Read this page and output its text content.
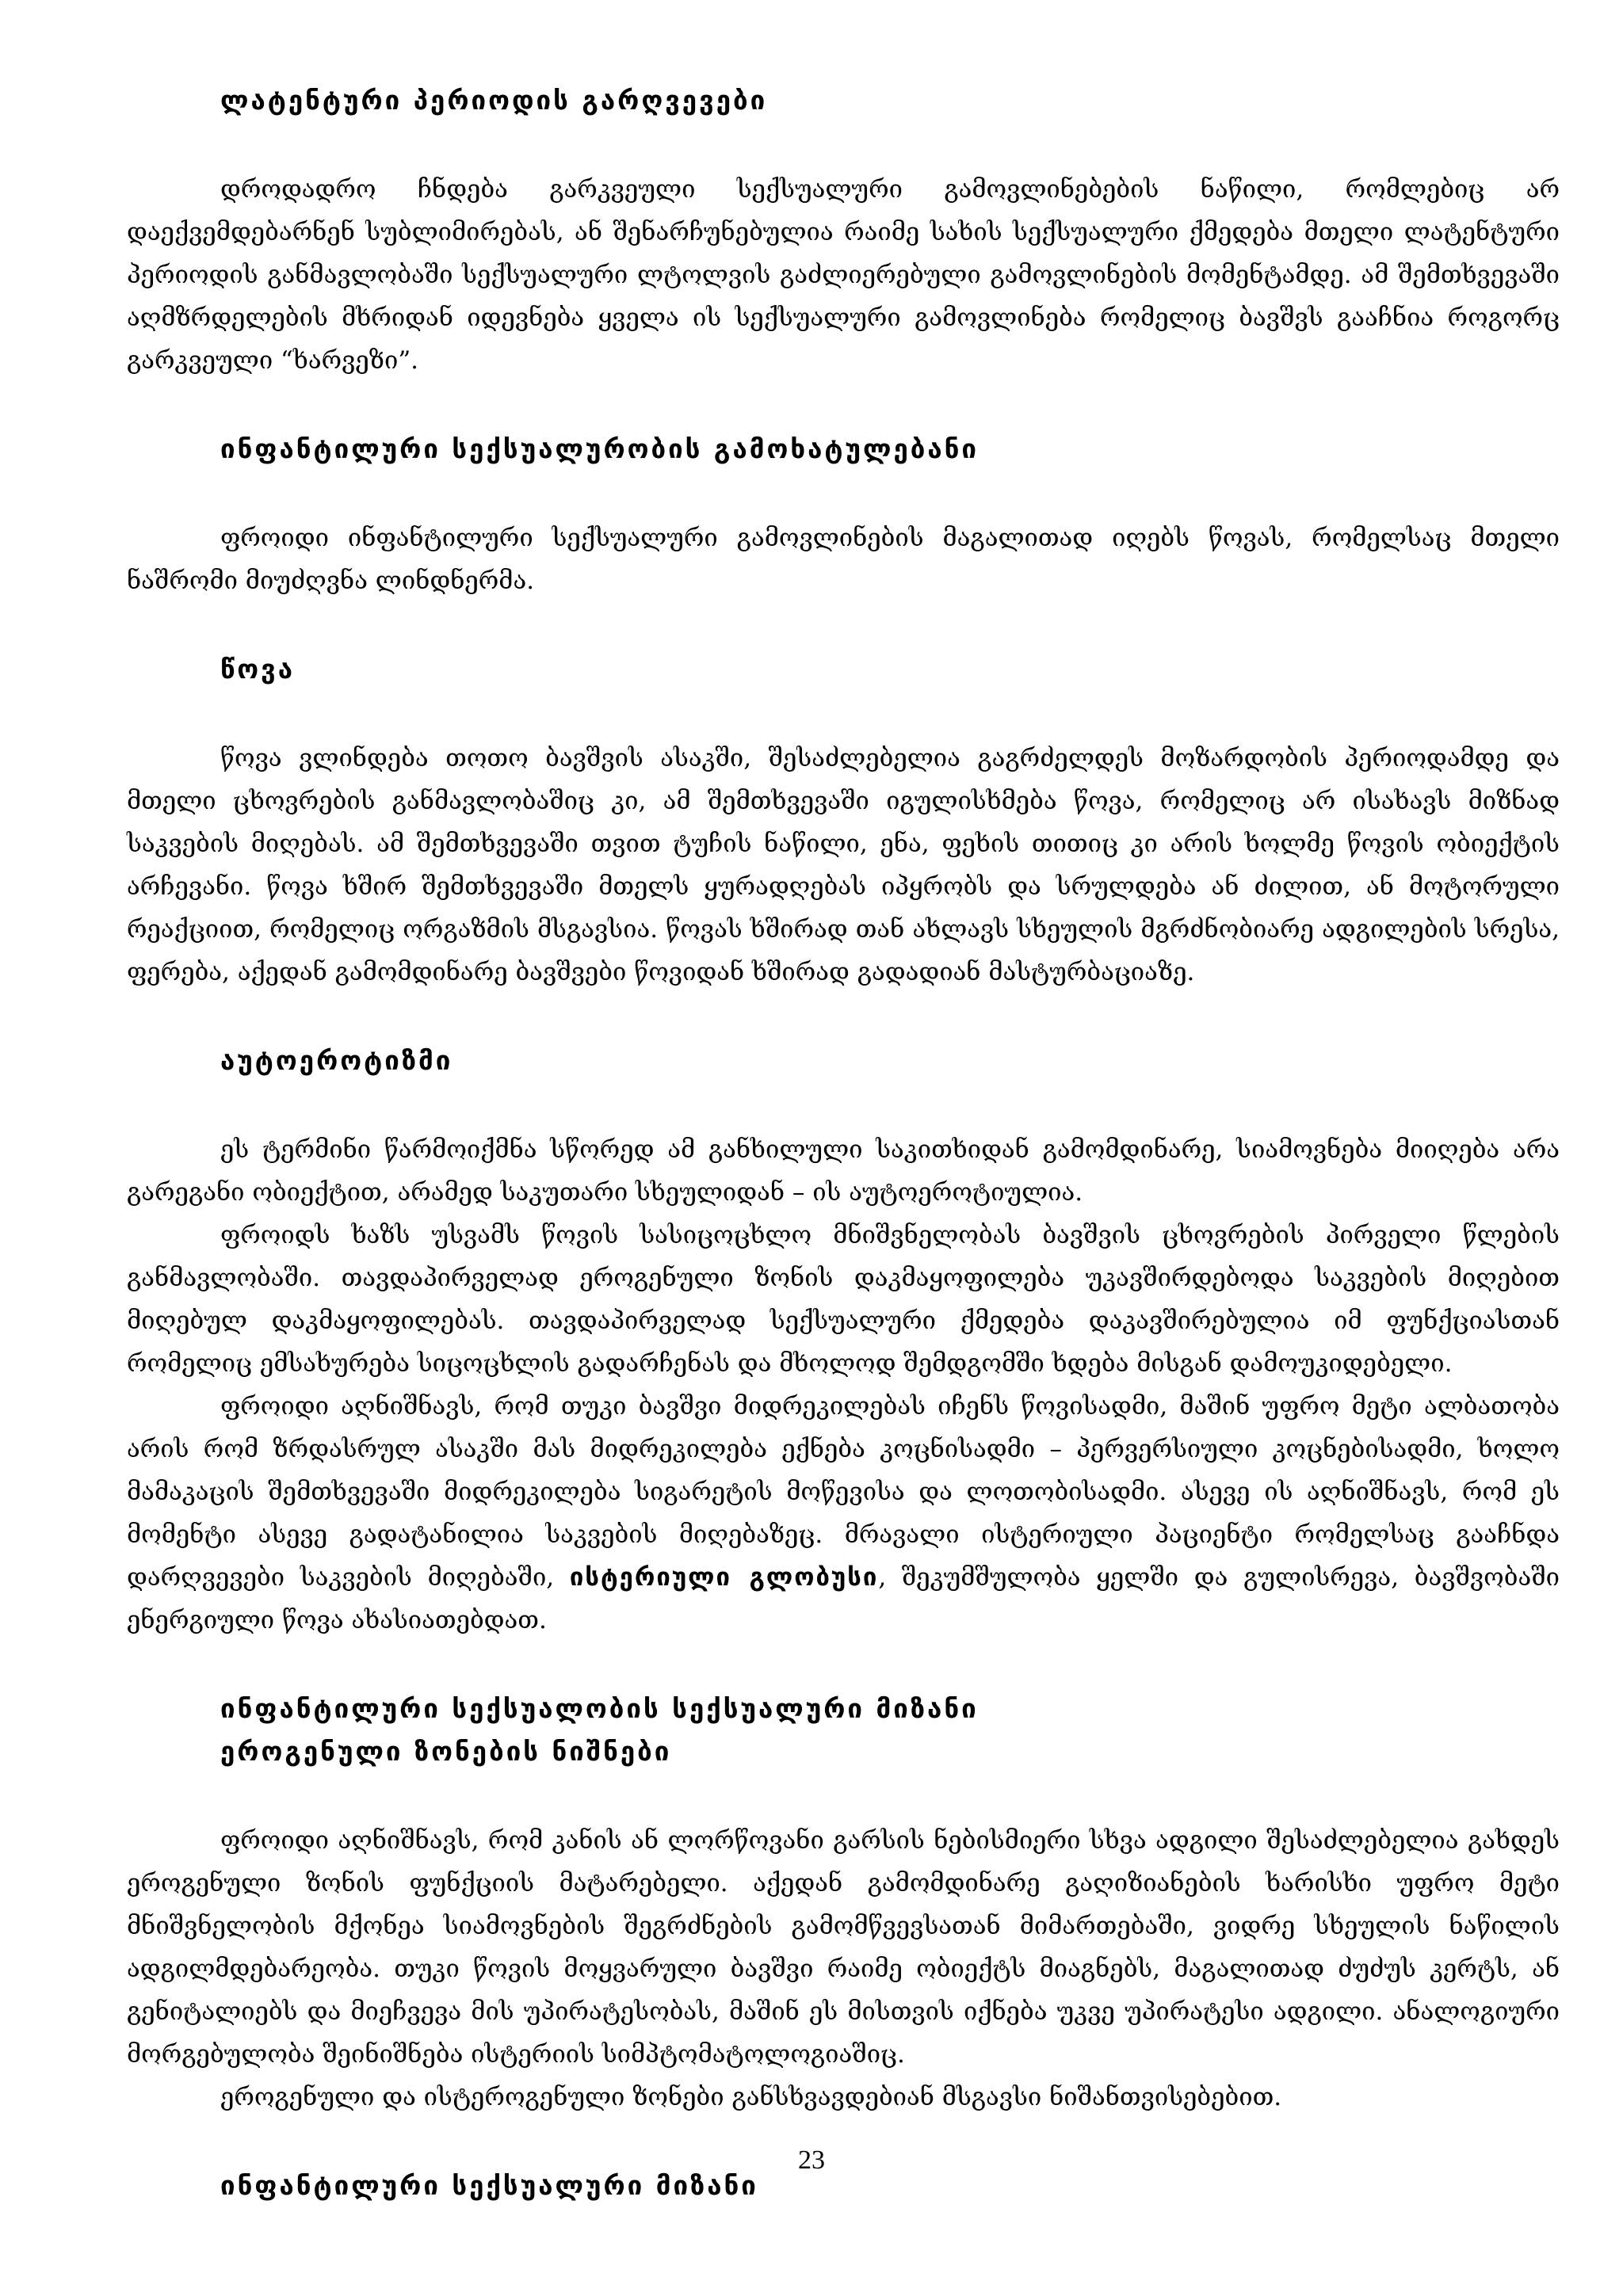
ლატენტური პერიოდის გარღვევები

დროდადრო ჩნდება გარკვეული სექსუალური გამოვლინებების ნაწილი, რომლებიც არ დაექვემდებარნენ სუბლიმირებას, ან შენარჩუნებულია რაიმე სახის სექსუალური ქმედება მთელი ლატენტური პერიოდის განმავლობაში სექსუალური ლტოლვის გაძლიერებული გამოვლინების მომენტამდე. ამ შემთხვევაში აღმზრდელების მხრიდან იდევნება ყველა ის სექსუალური გამოვლინება რომელიც ბავშვს გააჩნია როგორც გარკვეული “ხარვეზი”.

ინფანტილური სექსუალურობის გამოხატულებანი

ფროიდი ინფანტილური სექსუალური გამოვლინების მაგალითად იღებს წოვას, რომელსაც მთელი ნაშრომი მიუძღვნა ლინდნერმა.

წოვა

წოვა ვლინდება თოთო ბავშვის ასაკში, შესაძლებელია გაგრძელდეს მოზარდობის პერიოდამდე და მთელი ცხოვრების განმავლობაშიც კი, ამ შემთხვევაში იგულისხმება წოვა, რომელიც არ ისახავს მიზნად საკვების მიღებას. ამ შემთხვევაში თვით ტუჩის ნაწილი, ენა, ფეხის თითიც კი არის ხოლმე წოვის ობიექტის არჩევანი. წოვა ხშირ შემთხვევაში მთელს ყურადღებას იპყრობს და სრულდება ან ძილით, ან მოტორული რეაქციით, რომელიც ორგაზმის მსგავსია. წოვას ხშირად თან ახლავს სხეულის მგრძნობიარე ადგილების სრესა, ფერება, აქედან გამომდინარე ბავშვები წოვიდან ხშირად გადადიან მასტურბაციაზე.

აუტოეროტიზმი

ეს ტერმინი წარმოიქმნა სწორედ ამ განხილული საკითხიდან გამომდინარე, სიამოვნება მიიღება არა გარეგანი ობიექტით, არამედ საკუთარი სხეულიდან – ის აუტოეროტიულია.

ფროიდს ხაზს უსვამს წოვის სასიცოცხლო მნიშვნელობას ბავშვის ცხოვრების პირველი წლების განმავლობაში. თავდაპირველად ეროგენული ზონის დაკმაყოფილება უკავშირდებოდა საკვების მიღებით მიღებულ დაკმაყოფილებას. თავდაპირველად სექსუალური ქმედება დაკავშირებულია იმ ფუნქციასთან რომელიც ემსახურება სიცოცხლის გადარჩენას და მხოლოდ შემდგომში ხდება მისგან დამოუკიდებელი.

ფროიდი აღნიშნავს, რომ თუკი ბავშვი მიდრეკილებას იჩენს წოვისადმი, მაშინ უფრო მეტი ალბათობა არის რომ ზრდასრულ ასაკში მას მიდრეკილება ექნება კოცნისადმი – პერვერსიული კოცნებისადმი, ხოლო მამაკაცის შემთხვევაში მიდრეკილება სიგარეტის მოწევისა და ლოთობისადმი. ასევე ის აღნიშნავს, რომ ეს მომენტი ასევე გადატანილია საკვების მიღებაზეც. მრავალი ისტერიული პაციენტი რომელსაც გააჩნდა დარღვევები საკვების მიღებაში, ისტერიული გლობუსი, შეკუმშულობა ყელში და გულისრევა, ბავშვობაში ენერგიული წოვა ახასიათებდათ.

ინფანტილური სექსუალობის სექსუალური მიზანი
ეროგენული ზონების ნიშნები

ფროიდი აღნიშნავს, რომ კანის ან ლორწოვანი გარსის ნებისმიერი სხვა ადგილი შესაძლებელია გახდეს ეროგენული ზონის ფუნქციის მატარებელი. აქედან გამომდინარე გაღიზიანების ხარისხი უფრო მეტი მნიშვნელობის მქონეა სიამოვნების შეგრძნების გამომწვევსათან მიმართებაში, ვიდრე სხეულის ნაწილის ადგილმდებარეობა. თუკი წოვის მოყვარული ბავშვი რაიმე ობიექტს მიაგნებს, მაგალითად ძუძუს კერტს, ან გენიტალიებს და მიეჩვევა მის უპირატესობას, მაშინ ეს მისთვის იქნება უკვე უპირატესი ადგილი. ანალოგიური მორგებულობა შეინიშნება ისტერიის სიმპტომატოლოგიაშიც.

ეროგენული და ისტეროგენული ზონები განსხვავდებიან მსგავსი ნიშანთვისებებით.

ინფანტილური სექსუალური მიზანი
23
